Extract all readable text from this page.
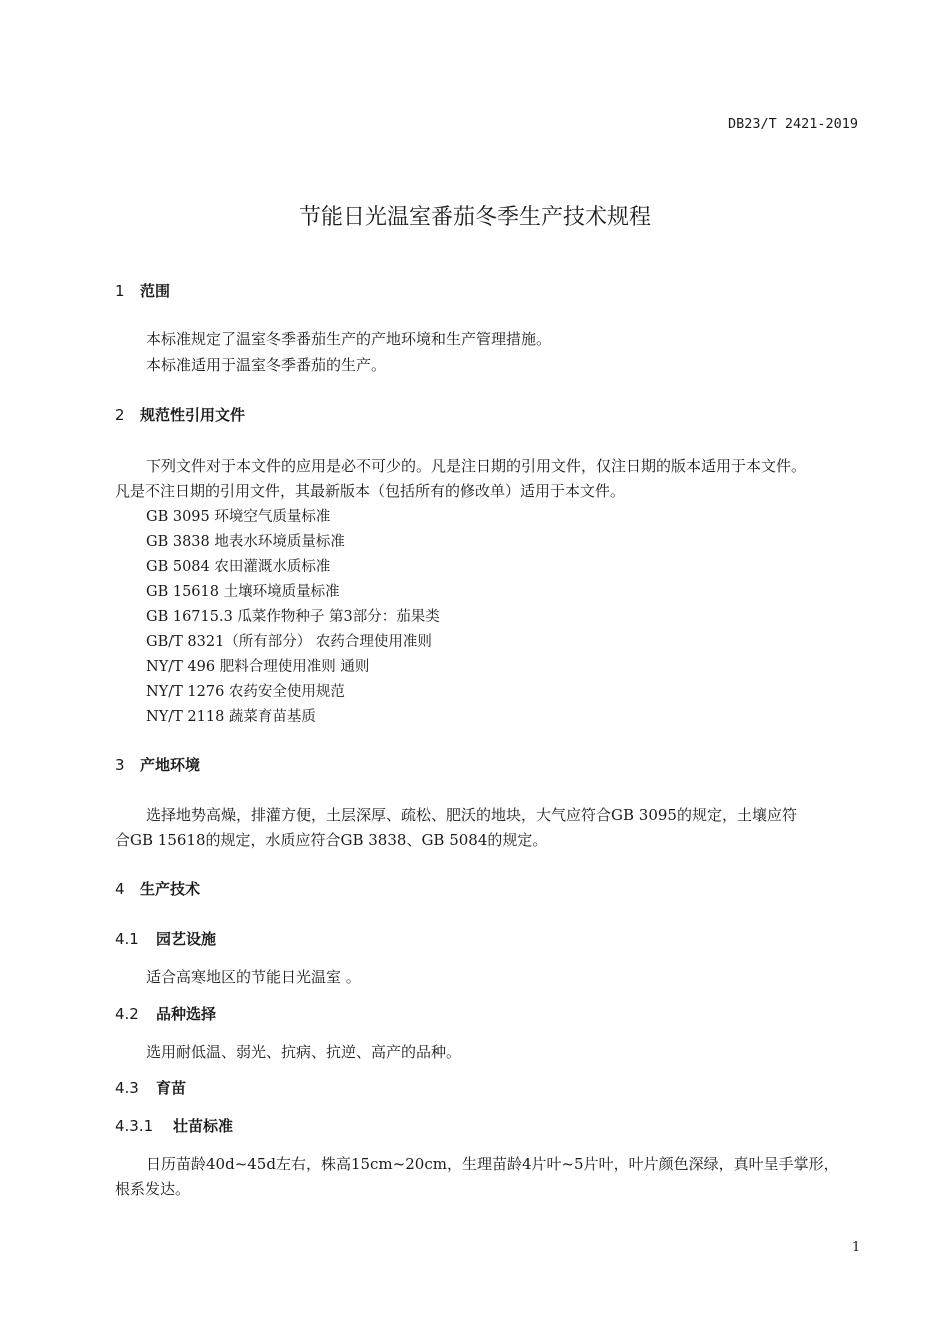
DB23/T 2421-2019
节能日光温室番茄冬季生产技术规程
1 范围
本标准规定了温室冬季番茄生产的产地环境和生产管理措施。
本标准适用于温室冬季番茄的生产。
2 规范性引用文件
下列文件对于本文件的应用是必不可少的。凡是注日期的引用文件，仅注日期的版本适用于本文件。
凡是不注日期的引用文件，其最新版本（包括所有的修改单）适用于本文件。
GB 3095 环境空气质量标准
GB 3838 地表水环境质量标准
GB 5084 农田灌溉水质标准
GB 15618 土壤环境质量标准
GB 16715.3 瓜菜作物种子 第3部分：茄果类
GB/T 8321（所有部分） 农药合理使用准则
NY/T 496 肥料合理使用准则 通则
NY/T 1276 农药安全使用规范
NY/T 2118 蔬菜育苗基质
3 产地环境
选择地势高燥，排灌方便，土层深厚、疏松、肥沃的地块，大气应符合GB 3095的规定，土壤应符
合GB 15618的规定，水质应符合GB 3838、GB 5084的规定。
4 生产技术
4.1 园艺设施
适合高寒地区的节能日光温室 。
4.2 品种选择
选用耐低温、弱光、抗病、抗逆、高产的品种。
4.3 育苗
4.3.1 壮苗标准
日历苗龄40d~45d左右，株高15cm~20cm，生理苗龄4片叶~5片叶，叶片颜色深绿，真叶呈手掌形，
根系发达。
1
